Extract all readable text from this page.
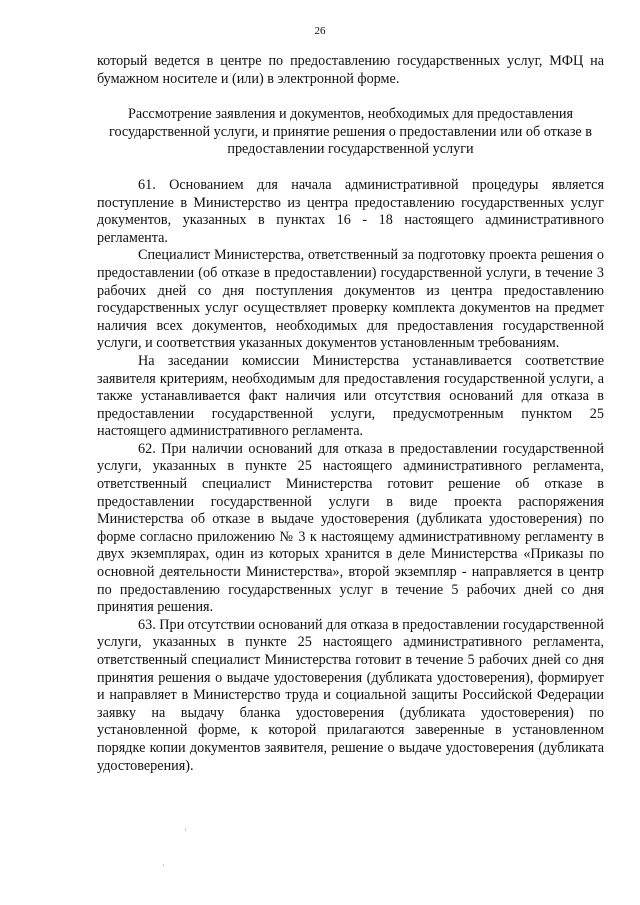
26

который ведется в центре по предоставлению государственных услуг, МФЦ на бумажном носителе и (или) в электронной форме.

Рассмотрение заявления и документов, необходимых для предоставления государственной услуги, и принятие решения о предоставлении или об отказе в предоставлении государственной услуги

61. Основанием для начала административной процедуры является поступление в Министерство из центра предоставлению государственных услуг документов, указанных в пунктах 16 - 18 настоящего административного регламента.

Специалист Министерства, ответственный за подготовку проекта решения о предоставлении (об отказе в предоставлении) государственной услуги, в течение 3 рабочих дней со дня поступления документов из центра предоставлению государственных услуг осуществляет проверку комплекта документов на предмет наличия всех документов, необходимых для предоставления государственной услуги, и соответствия указанных документов установленным требованиям.

На заседании комиссии Министерства устанавливается соответствие заявителя критериям, необходимым для предоставления государственной услуги, а также устанавливается факт наличия или отсутствия оснований для отказа в предоставлении государственной услуги, предусмотренным пунктом 25 настоящего административного регламента.

62. При наличии оснований для отказа в предоставлении государственной услуги, указанных в пункте 25 настоящего административного регламента, ответственный специалист Министерства готовит решение об отказе в предоставлении государственной услуги в виде проекта распоряжения Министерства об отказе в выдаче удостоверения (дубликата удостоверения) по форме согласно приложению № 3 к настоящему административному регламенту в двух экземплярах, один из которых хранится в деле Министерства «Приказы по основной деятельности Министерства», второй экземпляр - направляется в центр по предоставлению государственных услуг в течение 5 рабочих дней со дня принятия решения.

63. При отсутствии оснований для отказа в предоставлении государственной услуги, указанных в пункте 25 настоящего административного регламента, ответственный специалист Министерства готовит в течение 5 рабочих дней со дня принятия решения о выдаче удостоверения (дубликата удостоверения), формирует и направляет в Министерство труда и социальной защиты Российской Федерации заявку на выдачу бланка удостоверения (дубликата удостоверения) по установленной форме, к которой прилагаются заверенные в установленном порядке копии документов заявителя, решение о выдаче удостоверения (дубликата удостоверения).
